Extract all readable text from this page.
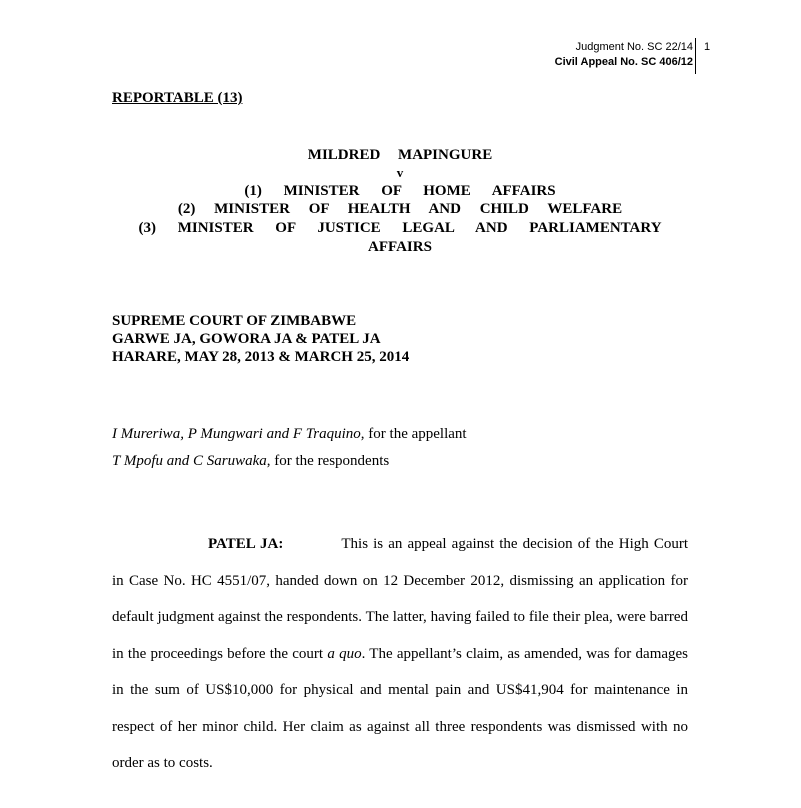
Judgment No. SC 22/14
Civil Appeal No. SC 406/12
1
REPORTABLE (13)
MILDRED MAPINGURE
v
(1) MINISTER OF HOME AFFAIRS
(2) MINISTER OF HEALTH AND CHILD WELFARE
(3) MINISTER OF JUSTICE LEGAL AND PARLIAMENTARY
AFFAIRS
SUPREME COURT OF ZIMBABWE
GARWE JA, GOWORA JA & PATEL JA
HARARE, MAY 28, 2013 & MARCH 25, 2014
I Mureriwa, P Mungwari and F Traquino, for the appellant
T Mpofu and C Saruwaka, for the respondents
PATEL JA:	This is an appeal against the decision of the High Court in Case No. HC 4551/07, handed down on 12 December 2012, dismissing an application for default judgment against the respondents. The latter, having failed to file their plea, were barred in the proceedings before the court a quo. The appellant’s claim, as amended, was for damages in the sum of US$10,000 for physical and mental pain and US$41,904 for maintenance in respect of her minor child. Her claim as against all three respondents was dismissed with no order as to costs.
